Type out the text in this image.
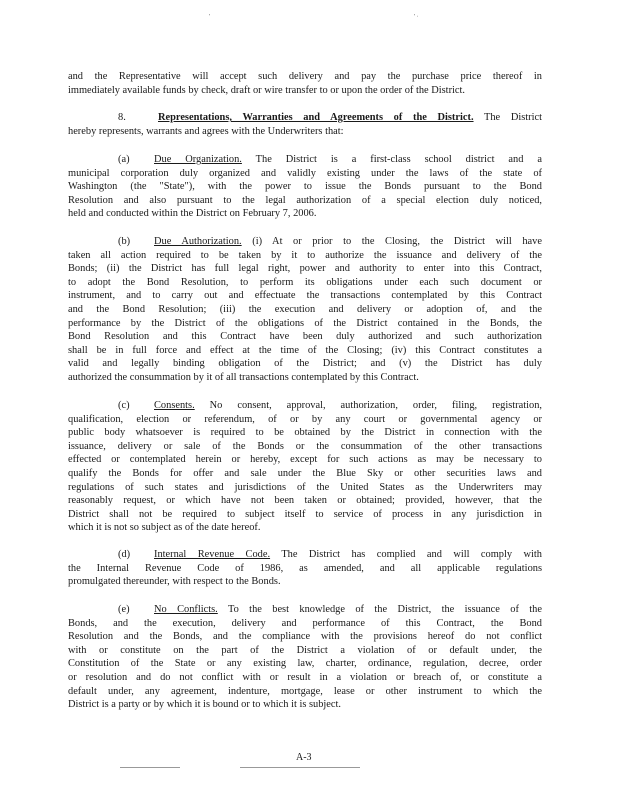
'	' ·
and the Representative will accept such delivery and pay the purchase price thereof in
immediately available funds by check, draft or wire transfer to or upon the order of the District.
8.	Representations, Warranties and Agreements of the District. The District
hereby represents, warrants and agrees with the Underwriters that:
(a) Due Organization. The District is a first-class school district and a
municipal corporation duly organized and validly existing under the laws of the state of
Washington (the "State"), with the power to issue the Bonds pursuant to the Bond
Resolution and also pursuant to the legal authorization of a special election duly noticed,
held and conducted within the District on February 7, 2006.
(b) Due Authorization. (i) At or prior to the Closing, the District will have
taken all action required to be taken by it to authorize the issuance and delivery of the
Bonds; (ii) the District has full legal right, power and authority to enter into this Contract,
to adopt the Bond Resolution, to perform its obligations under each such document or
instrument, and to carry out and effectuate the transactions contemplated by this Contract
and the Bond Resolution; (iii) the execution and delivery or adoption of, and the
performance by the District of the obligations of the District contained in the Bonds, the
Bond Resolution and this Contract have been duly authorized and such authorization
shall be in full force and effect at the time of the Closing; (iv) this Contract constitutes a
valid and legally binding obligation of the District; and (v) the District has duly
authorized the consummation by it of all transactions contemplated by this Contract.
(c) Consents. No consent, approval, authorization, order, filing, registration,
qualification, election or referendum, of or by any court or governmental agency or
public body whatsoever is required to be obtained by the District in connection with the
issuance, delivery or sale of the Bonds or the consummation of the other transactions
effected or contemplated herein or hereby, except for such actions as may be necessary to
qualify the Bonds for offer and sale under the Blue Sky or other securities laws and
regulations of such states and jurisdictions of the United States as the Underwriters may
reasonably request, or which have not been taken or obtained; provided, however, that the
District shall not be required to subject itself to service of process in any jurisdiction in
which it is not so subject as of the date hereof.
(d) Internal Revenue Code. The District has complied and will comply with
the Internal Revenue Code of 1986, as amended, and all applicable regulations
promulgated thereunder, with respect to the Bonds.
(e) No Conflicts. To the best knowledge of the District, the issuance of the
Bonds, and the execution, delivery and performance of this Contract, the Bond
Resolution and the Bonds, and the compliance with the provisions hereof do not conflict
with or constitute on the part of the District a violation of or default under, the
Constitution of the State or any existing law, charter, ordinance, regulation, decree, order
or resolution and do not conflict with or result in a violation or breach of, or constitute a
default under, any agreement, indenture, mortgage, lease or other instrument to which the
District is a party or by which it is bound or to which it is subject.
A-3
